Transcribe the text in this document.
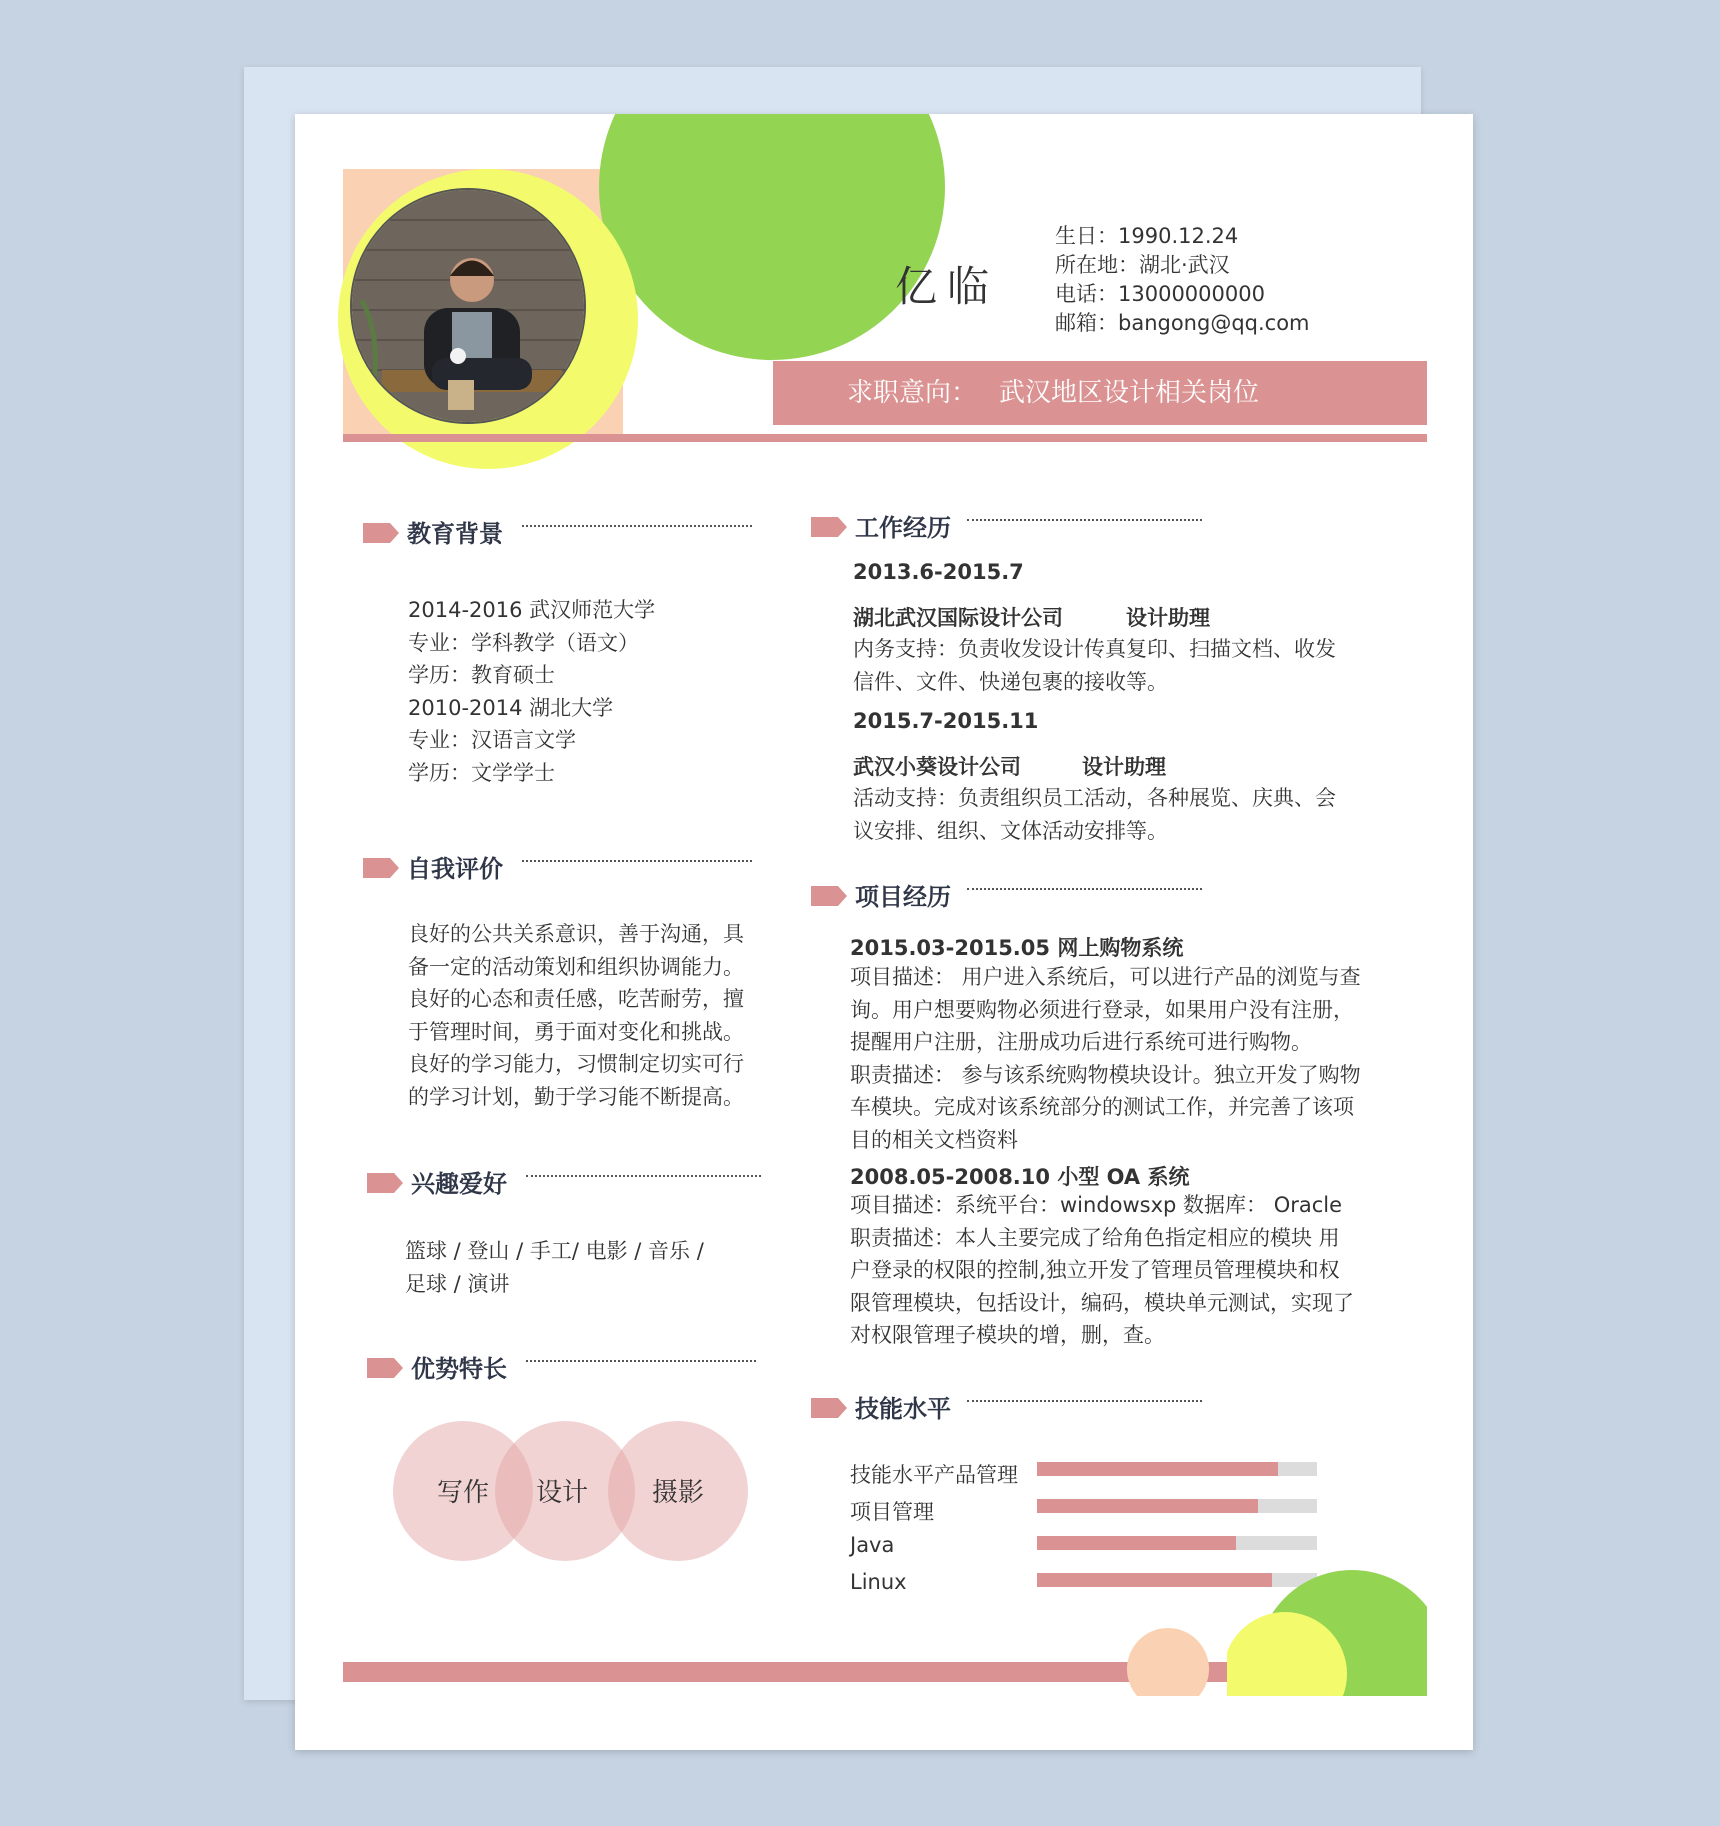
亿临
生日：1990.12.24
所在地：湖北·武汉
电话：13000000000
邮箱：bangong@qq.com
求职意向： 武汉地区设计相关岗位
教育背景
2014-2016 武汉师范大学
专业：学科教学（语文）
学历：教育硕士
2010-2014 湖北大学
专业：汉语言文学
学历：文学学士
自我评价
良好的公共关系意识，善于沟通，具
备一定的活动策划和组织协调能力。
良好的心态和责任感，吃苦耐劳，擅
于管理时间，勇于面对变化和挑战。
良好的学习能力，习惯制定切实可行
的学习计划，勤于学习能不断提高。
兴趣爱好
篮球 / 登山 / 手工/ 电影 / 音乐 /
足球 / 演讲
优势特长
写作	设计	摄影
工作经历
2013.6-2015.7
湖北武汉国际设计公司	设计助理
内务支持：负责收发设计传真复印、扫描文档、收发
信件、文件、快递包裹的接收等。
2015.7-2015.11
武汉小葵设计公司	设计助理
活动支持：负责组织员工活动，各种展览、庆典、会
议安排、组织、文体活动安排等。
项目经历
2015.03-2015.05 网上购物系统
项目描述： 用户进入系统后，可以进行产品的浏览与查
询。用户想要购物必须进行登录，如果用户没有注册，
提醒用户注册，注册成功后进行系统可进行购物。
职责描述： 参与该系统购物模块设计。独立开发了购物
车模块。完成对该系统部分的测试工作，并完善了该项
目的相关文档资料
2008.05-2008.10 小型 OA 系统
项目描述：系统平台：windowsxp 数据库： Oracle
职责描述：本人主要完成了给角色指定相应的模块 用
户登录的权限的控制,独立开发了管理员管理模块和权
限管理模块，包括设计，编码，模块单元测试，实现了
对权限管理子模块的增，删，查。
技能水平
技能水平产品管理
项目管理
Java
Linux
